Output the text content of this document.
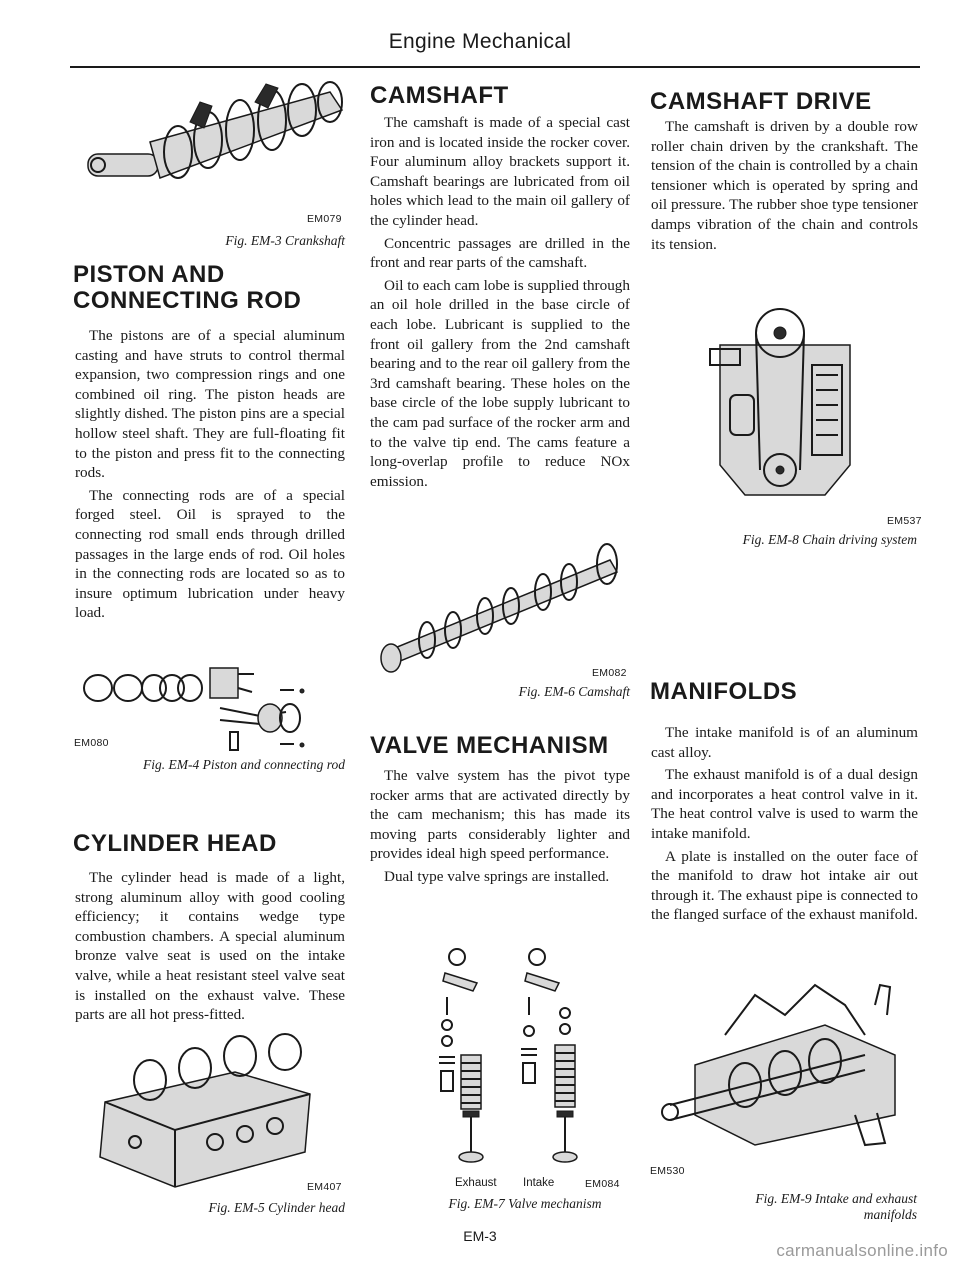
Engine Mechanical
EM079
Fig. EM-3 Crankshaft
PISTON AND CONNECTING ROD

The pistons are of a special aluminum casting and have struts to control thermal expansion, two compression rings and one combined oil ring. The piston heads are slightly dished. The piston pins are a special hollow steel shaft. They are full-floating fit to the piston and press fit to the connecting rods.

The connecting rods are of a special forged steel. Oil is sprayed to the connecting rod small ends through drilled passages in the large ends of rod. Oil holes in the connecting rods are located so as to insure optimum lubrication under heavy load.

EM080
Fig. EM-4 Piston and connecting rod
CYLINDER HEAD

The cylinder head is made of a light, strong aluminum alloy with good cooling efficiency; it contains wedge type combustion chambers. A special aluminum bronze valve seat is used on the intake valve, while a heat resistant steel valve seat is installed on the exhaust valve. These parts are all hot press-fitted.

EM407
Fig. EM-5 Cylinder head
CAMSHAFT

The camshaft is made of a special cast iron and is located inside the rocker cover. Four aluminum alloy brackets support it. Camshaft bearings are lubricated from oil holes which lead to the main oil gallery of the cylinder head.

Concentric passages are drilled in the front and rear parts of the camshaft.

Oil to each cam lobe is supplied through an oil hole drilled in the base circle of each lobe. Lubricant is supplied to the front oil gallery from the 2nd camshaft bearing and to the rear oil gallery from the 3rd camshaft bearing. These holes on the base circle of the lobe supply lubricant to the cam pad surface of the rocker arm and to the valve tip end. The cams feature a long-overlap profile to reduce NOx emission.

EM082
Fig. EM-6 Camshaft
VALVE MECHANISM

The valve system has the pivot type rocker arms that are activated directly by the cam mechanism; this has made its moving parts considerably lighter and provides ideal high speed performance.

Dual type valve springs are installed.

Exhaust Intake	EM084
Fig. EM-7 Valve mechanism
CAMSHAFT DRIVE

The camshaft is driven by a double row roller chain driven by the crankshaft. The tension of the chain is controlled by a chain tensioner which is operated by spring and oil pressure. The rubber shoe type tensioner damps vibration of the chain and controls its tension.

EM537
Fig. EM-8 Chain driving system
MANIFOLDS

The intake manifold is of an aluminum cast alloy.

The exhaust manifold is of a dual design and incorporates a heat control valve in it. The heat control valve is used to warm the intake manifold.

A plate is installed on the outer face of the manifold to draw hot intake air out through it. The exhaust pipe is connected to the flanged surface of the exhaust manifold.

EM530
Fig. EM-9 Intake and exhaust
manifolds
EM-3
carmanualsonline.info
